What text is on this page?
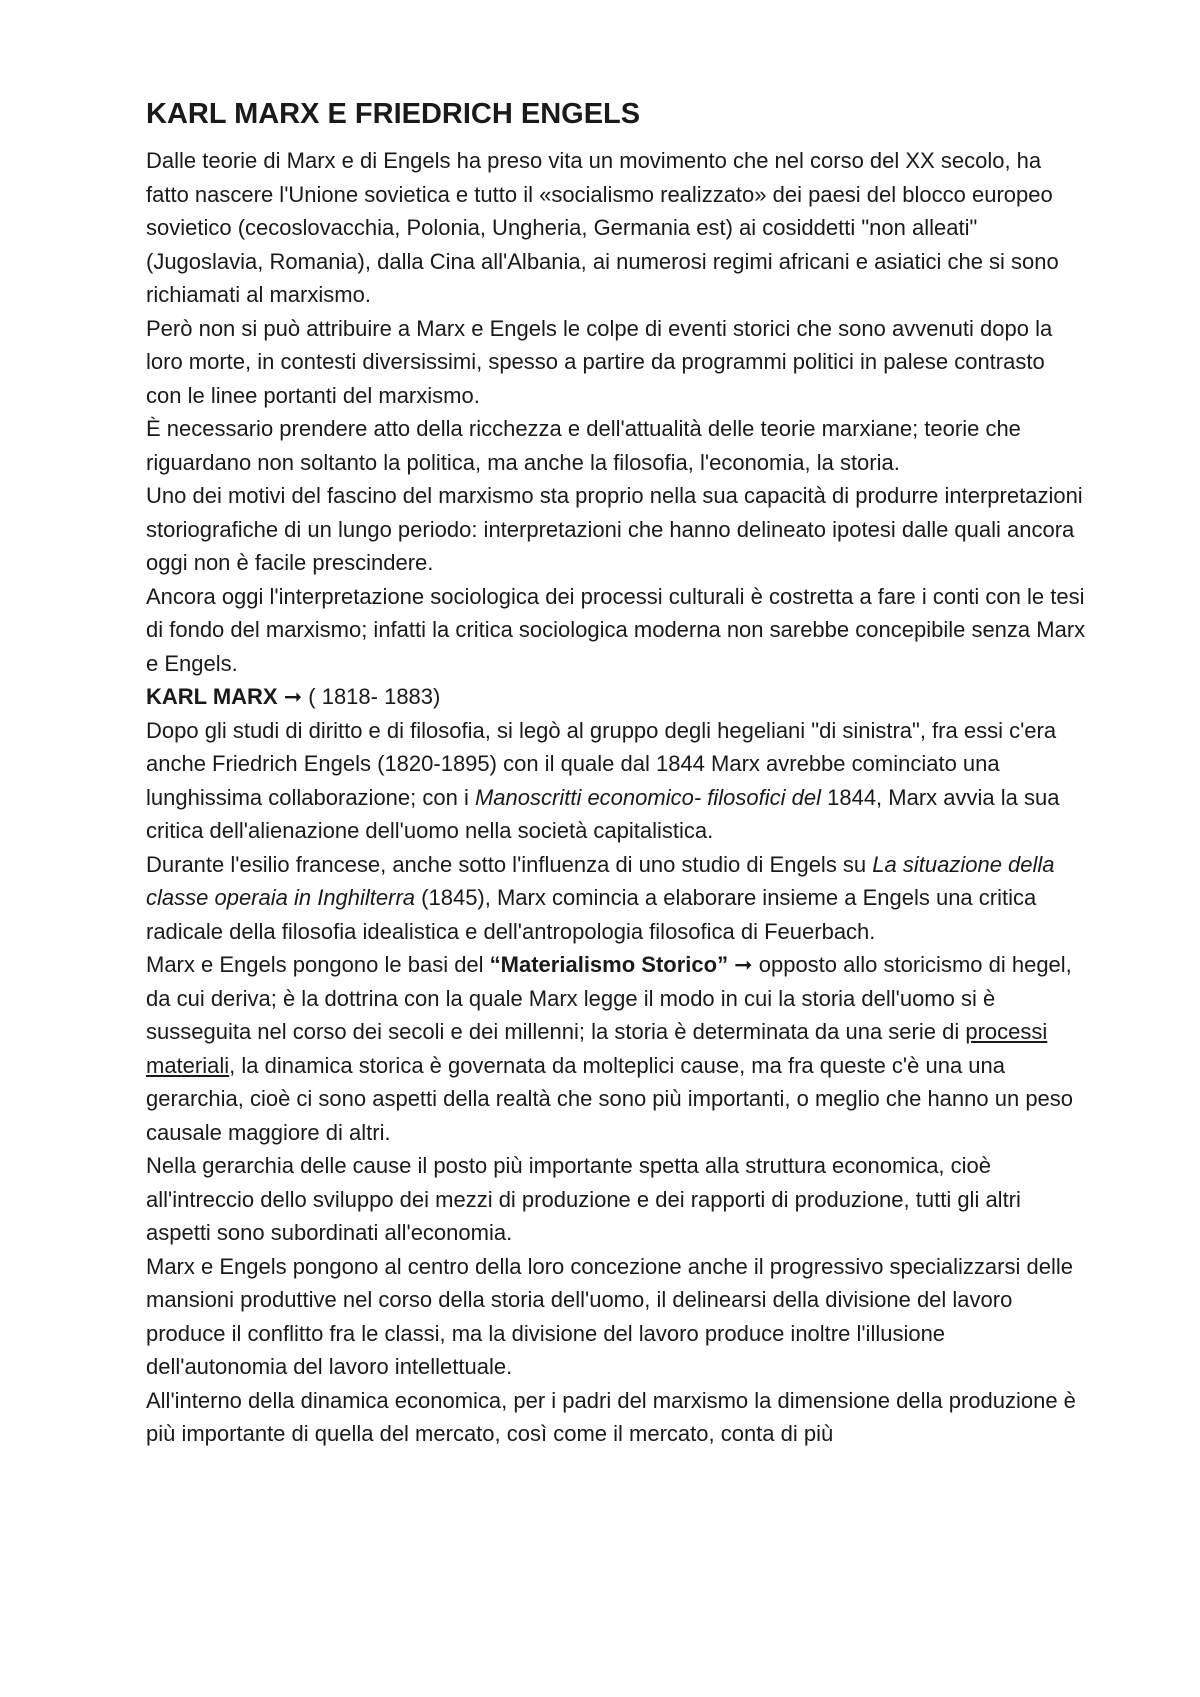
KARL MARX E FRIEDRICH ENGELS

Dalle teorie di Marx e di Engels ha preso vita un movimento che nel corso del XX secolo, ha fatto nascere l'Unione sovietica e tutto il «socialismo realizzato» dei paesi del blocco europeo sovietico (cecoslovacchia, Polonia, Ungheria, Germania est) ai cosiddetti "non alleati" (Jugoslavia, Romania), dalla Cina all'Albania, ai numerosi regimi africani e asiatici che si sono richiamati al marxismo.

Però non si può attribuire a Marx e Engels le colpe di eventi storici che sono avvenuti dopo la loro morte, in contesti diversissimi, spesso a partire da programmi politici in palese contrasto con le linee portanti del marxismo.

È necessario prendere atto della ricchezza e dell'attualità delle teorie marxiane; teorie che riguardano non soltanto la politica, ma anche la filosofia, l'economia, la storia.

Uno dei motivi del fascino del marxismo sta proprio nella sua capacità di produrre interpretazioni storiografiche di un lungo periodo: interpretazioni che hanno delineato ipotesi dalle quali ancora oggi non è facile prescindere.

Ancora oggi l'interpretazione sociologica dei processi culturali è costretta a fare i conti con le tesi di fondo del marxismo; infatti la critica sociologica moderna non sarebbe concepibile senza Marx e Engels.

KARL MARX ➞ ( 1818- 1883)

Dopo gli studi di diritto e di filosofia, si legò al gruppo degli hegeliani "di sinistra", fra essi c'era anche Friedrich Engels (1820-1895) con il quale dal 1844 Marx avrebbe cominciato una lunghissima collaborazione; con i Manoscritti economico- filosofici del 1844, Marx avvia la sua critica dell'alienazione dell'uomo nella società capitalistica.

Durante l'esilio francese, anche sotto l'influenza di uno studio di Engels su La situazione della classe operaia in Inghilterra (1845), Marx comincia a elaborare insieme a Engels una critica radicale della filosofia idealistica e dell'antropologia filosofica di Feuerbach.

Marx e Engels pongono le basi del “Materialismo Storico” ➞ opposto allo storicismo di hegel, da cui deriva; è la dottrina con la quale Marx legge il modo in cui la storia dell'uomo si è susseguita nel corso dei secoli e dei millenni; la storia è determinata da una serie di processi materiali, la dinamica storica è governata da molteplici cause, ma fra queste c'è una una gerarchia, cioè ci sono aspetti della realtà che sono più importanti, o meglio che hanno un peso causale maggiore di altri.

Nella gerarchia delle cause il posto più importante spetta alla struttura economica, cioè all'intreccio dello sviluppo dei mezzi di produzione e dei rapporti di produzione, tutti gli altri aspetti sono subordinati all'economia.

Marx e Engels pongono al centro della loro concezione anche il progressivo specializzarsi delle mansioni produttive nel corso della storia dell'uomo, il delinearsi della divisione del lavoro produce il conflitto fra le classi, ma la divisione del lavoro produce inoltre l'illusione dell'autonomia del lavoro intellettuale.

All'interno della dinamica economica, per i padri del marxismo la dimensione della produzione è più importante di quella del mercato, così come il mercato, conta di più
